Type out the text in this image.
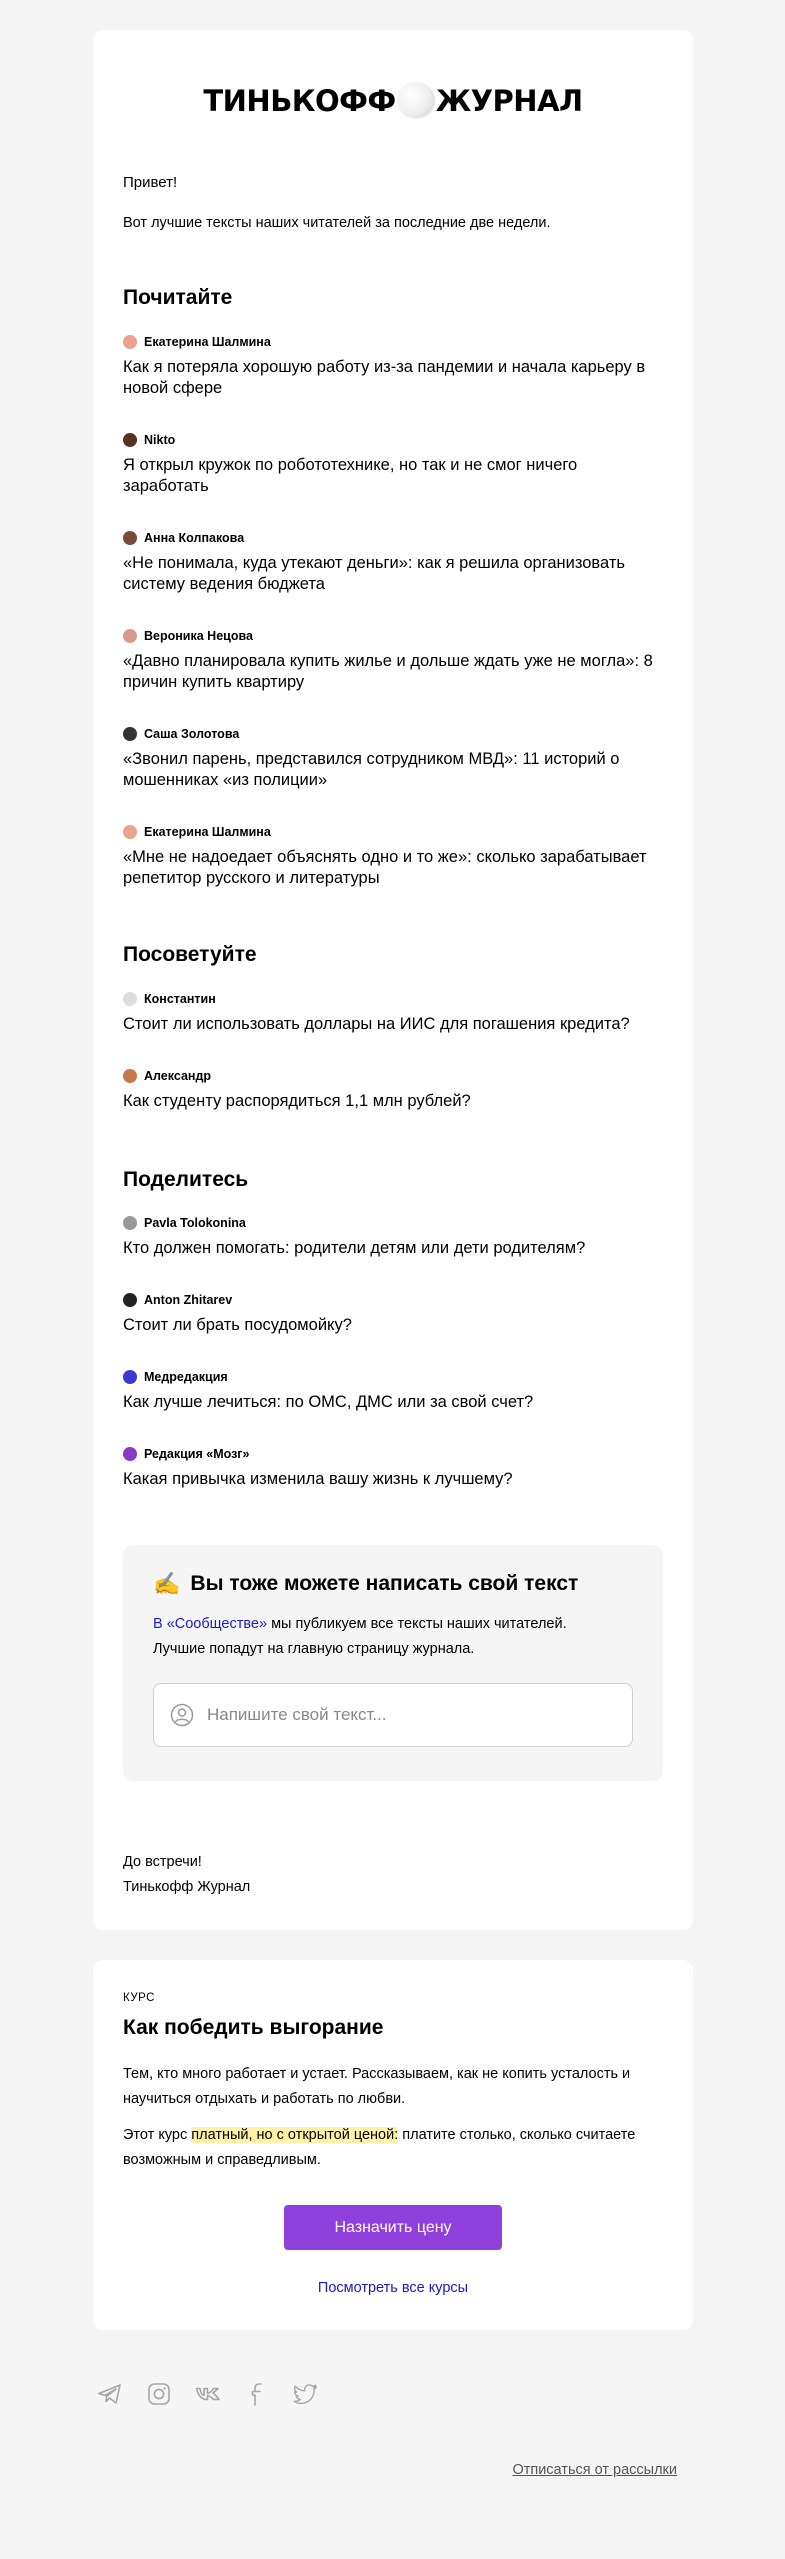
ТИНЬКОФФ ЖУРНАЛ
Привет!
Вот лучшие тексты наших читателей за последние две недели.
Почитайте
Екатерина Шалмина
Как я потеряла хорошую работу из-за пандемии и начала карьеру в новой сфере
Nikto
Я открыл кружок по робототехнике, но так и не смог ничего заработать
Анна Колпакова
«Не понимала, куда утекают деньги»: как я решила организовать систему ведения бюджета
Вероника Нецова
«Давно планировала купить жилье и дольше ждать уже не могла»: 8 причин купить квартиру
Саша Золотова
«Звонил парень, представился сотрудником МВД»: 11 историй о мошенниках «из полиции»
Екатерина Шалмина
«Мне не надоедает объяснять одно и то же»: сколько зарабатывает репетитор русского и литературы
Посоветуйте
Константин
Стоит ли использовать доллары на ИИС для погашения кредита?
Александр
Как студенту распорядиться 1,1 млн рублей?
Поделитесь
Pavla Tolokonina
Кто должен помогать: родители детям или дети родителям?
Anton Zhitarev
Стоит ли брать посудомойку?
Медредакция
Как лучше лечиться: по ОМС, ДМС или за свой счет?
Редакция «Мозг»
Какая привычка изменила вашу жизнь к лучшему?
✍️ Вы тоже можете написать свой текст
В «Сообществе» мы публикуем все тексты наших читателей.
Лучшие попадут на главную страницу журнала.
Напишите свой текст...
До встречи!
Тинькофф Журнал
КУРС
Как победить выгорание
Тем, кто много работает и устает. Рассказываем, как не копить усталость и научиться отдыхать и работать по любви.
Этот курс платный, но с открытой ценой: платите столько, сколько считаете возможным и справедливым.
Назначить цену
Посмотреть все курсы
Отписаться от рассылки
